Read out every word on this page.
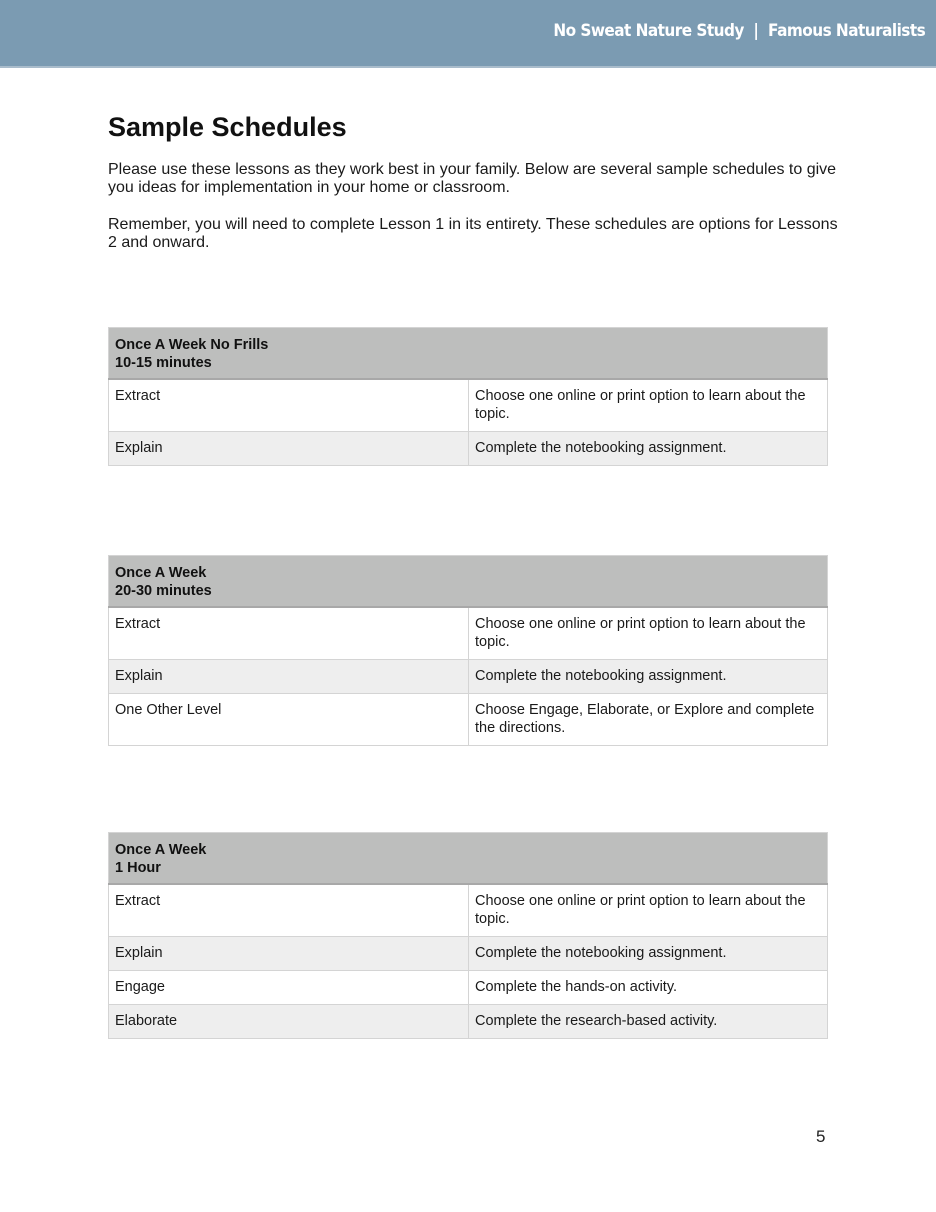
No Sweat Nature Study  |  Famous Naturalists
Sample Schedules

Please use these lessons as they work best in your family. Below are several sample schedules to give you ideas for implementation in your home or classroom.

Remember, you will need to complete Lesson 1 in its entirety. These schedules are options for Lessons 2 and onward.

Once A Week No Frills
10-15 minutes	

Extract	Choose one online or print option to learn about the topic.
Explain	Complete the notebooking assignment.
Once A Week
20-30 minutes	

Extract	Choose one online or print option to learn about the topic.
Explain	Complete the notebooking assignment.
One Other Level	Choose Engage, Elaborate, or Explore and complete the directions.
Once A Week
1 Hour	

Extract	Choose one online or print option to learn about the topic.
Explain	Complete the notebooking assignment.
Engage	Complete the hands-on activity.
Elaborate	Complete the research-based activity.
5
